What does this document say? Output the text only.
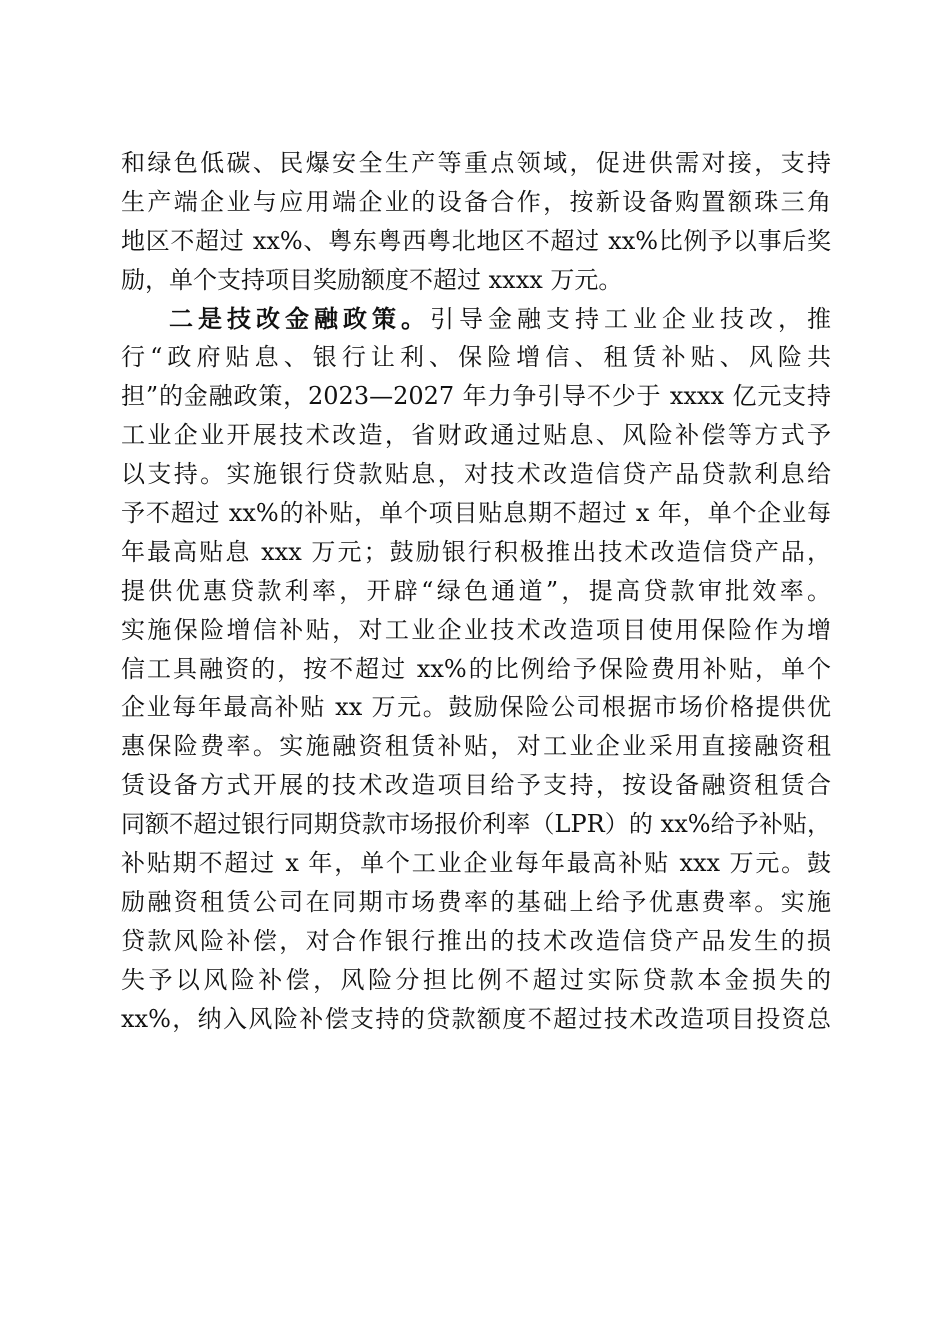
和绿色低碳、民爆安全生产等重点领域，促进供需对接，支持
生产端企业与应用端企业的设备合作，按新设备购置额珠三角
地区不超过 xx%、粤东粤西粤北地区不超过 xx%比例予以事后奖
励，单个支持项目奖励额度不超过 xxxx 万元。
二是技改金融政策。引导金融支持工业企业技改，推
行“政府贴息、银行让利、保险增信、租赁补贴、风险共
担”的金融政策，2023—2027 年力争引导不少于 xxxx 亿元支持
工业企业开展技术改造，省财政通过贴息、风险补偿等方式予
以支持。实施银行贷款贴息，对技术改造信贷产品贷款利息给
予不超过 xx%的补贴，单个项目贴息期不超过 x 年，单个企业每
年最高贴息 xxx 万元；鼓励银行积极推出技术改造信贷产品，
提供优惠贷款利率，开辟“绿色通道”，提高贷款审批效率。
实施保险增信补贴，对工业企业技术改造项目使用保险作为增
信工具融资的，按不超过 xx%的比例给予保险费用补贴，单个
企业每年最高补贴 xx 万元。鼓励保险公司根据市场价格提供优
惠保险费率。实施融资租赁补贴，对工业企业采用直接融资租
赁设备方式开展的技术改造项目给予支持，按设备融资租赁合
同额不超过银行同期贷款市场报价利率（LPR）的 xx%给予补贴，
补贴期不超过 x 年，单个工业企业每年最高补贴 xxx 万元。鼓
励融资租赁公司在同期市场费率的基础上给予优惠费率。实施
贷款风险补偿，对合作银行推出的技术改造信贷产品发生的损
失予以风险补偿，风险分担比例不超过实际贷款本金损失的
xx%，纳入风险补偿支持的贷款额度不超过技术改造项目投资总
